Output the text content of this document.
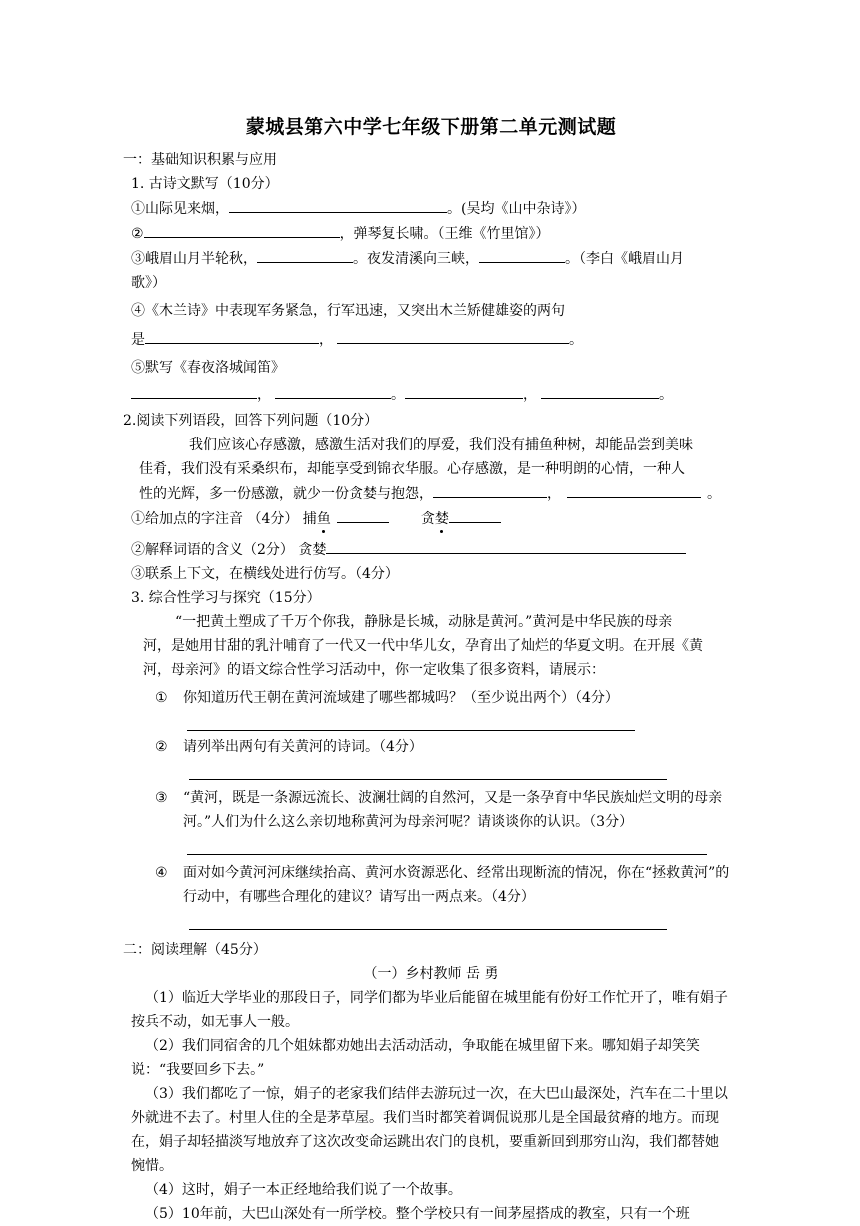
蒙城县第六中学七年级下册第二单元测试题
一：基础知识积累与应用
1. 古诗文默写（10分）
①山际见来烟，	。(吴均《山中杂诗》）
②	，弹琴复长啸。（王维《竹里馆》）
③峨眉山月半轮秋，	。夜发清溪向三峡，	。（李白《峨眉山月
歌》）
④《木兰诗》中表现军务紧急，行军迅速，又突出木兰矫健雄姿的两句
是	，	。
⑤默写《春夜洛城闻笛》
，	。	，	。
2.阅读下列语段，回答下列问题（10分）
我们应该心存感激，感激生活对我们的厚爱，我们没有捕鱼种树，却能品尝到美味
佳肴，我们没有采桑织布，却能享受到锦衣华服。心存感激，是一种明朗的心情，一种人
性的光辉，多一份感激，就少一份贪婪与抱怨，	，	。
①给加点的字注音 （4分） 捕鱼	贪婪
②解释词语的含义（2分） 贪婪
③联系上下文，在横线处进行仿写。（4分）
3. 综合性学习与探究（15分）
“一把黄土塑成了千万个你我，静脉是长城，动脉是黄河。”黄河是中华民族的母亲
河，是她用甘甜的乳汁哺育了一代又一代中华儿女，孕育出了灿烂的华夏文明。在开展《黄
河，母亲河》的语文综合性学习活动中，你一定收集了很多资料，请展示：
① 你知道历代王朝在黄河流域建了哪些都城吗？（至少说出两个）（4分）
② 请列举出两句有关黄河的诗词。（4分）
③ “黄河，既是一条源远流长、波澜壮阔的自然河，又是一条孕育中华民族灿烂文明的母亲河。”人们为什么这么亲切地称黄河为母亲河呢？请谈谈你的认识。（3分）
④ 面对如今黄河河床继续抬高、黄河水资源恶化、经常出现断流的情况，你在“拯救黄河”的行动中，有哪些合理化的建议？请写出一两点来。（4分）
二：阅读理解（45分）
（一）乡村教师 岳 勇
（1）临近大学毕业的那段日子，同学们都为毕业后能留在城里能有份好工作忙开了，唯有娟子按兵不动，如无事人一般。
（2）我们同宿舍的几个姐妹都劝她出去活动活动，争取能在城里留下来。哪知娟子却笑笑说：“我要回乡下去。”
（3）我们都吃了一惊，娟子的老家我们结伴去游玩过一次，在大巴山最深处，汽车在二十里以外就进不去了。村里人住的全是茅草屋。我们当时都笑着调侃说那儿是全国最贫瘠的地方。而现在，娟子却轻描淡写地放弃了这次改变命运跳出农门的良机，要重新回到那穷山沟，我们都替她惋惜。
（4）这时，娟子一本正经地给我们说了一个故事。
（5）10年前，大巴山深处有一所学校。整个学校只有一间茅屋搭成的教室，只有一个班
